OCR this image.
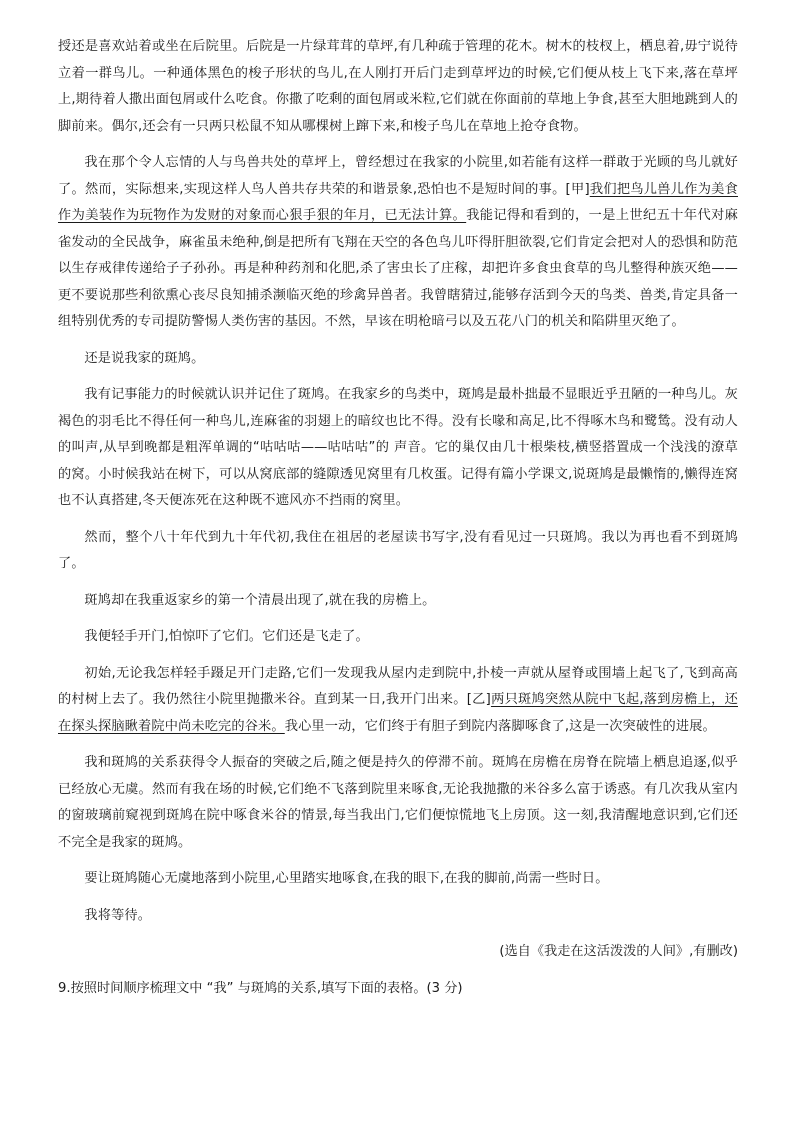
授还是喜欢站着或坐在后院里。后院是一片绿茸茸的草坪,有几种疏于管理的花木。树木的枝杈上，栖息着,毋宁说待立着一群鸟儿。一种通体黑色的梭子形状的鸟儿,在人刚打开后门走到草坪边的时候,它们便从枝上飞下来,落在草坪上,期待着人撒出面包屑或什么吃食。你撒了吃剩的面包屑或米粒,它们就在你面前的草地上争食,甚至大胆地跳到人的脚前来。偶尔,还会有一只两只松鼠不知从哪棵树上蹿下来,和梭子鸟儿在草地上抢夺食物。

我在那个令人忘情的人与鸟兽共处的草坪上，曾经想过在我家的小院里,如若能有这样一群敢于光顾的鸟儿就好了。然而，实际想来,实现这样人鸟人兽共存共荣的和谐景象,恐怕也不是短时间的事。[甲]我们把鸟儿兽儿作为美食作为美装作为玩物作为发财的对象而心狠手狠的年月，已无法计算。我能记得和看到的，一是上世纪五十年代对麻雀发动的全民战争，麻雀虽未绝种,倒是把所有飞翔在天空的各色鸟儿吓得肝胆欲裂,它们肯定会把对人的恐惧和防范以生存戒律传递给子子孙孙。再是种种药剂和化肥,杀了害虫长了庄稼，却把许多食虫食草的鸟儿整得种族灭绝——更不要说那些利欲熏心丧尽良知捕杀濒临灭绝的珍禽异兽者。我曾瞎猜过,能够存活到今天的鸟类、兽类,肯定具备一组特别优秀的专司提防警惕人类伤害的基因。不然，早该在明枪暗弓以及五花八门的机关和陷阱里灭绝了。

还是说我家的斑鸠。

我有记事能力的时候就认识并记住了斑鸠。在我家乡的鸟类中，斑鸠是最朴拙最不显眼近乎丑陋的一种鸟儿。灰褐色的羽毛比不得任何一种鸟儿,连麻雀的羽翅上的暗纹也比不得。没有长喙和高足,比不得啄木鸟和鹭鸶。没有动人的叫声,从早到晚都是粗浑单调的“咕咕咕——咕咕咕”的 声音。它的巢仅由几十根柴枝,横竖搭置成一个浅浅的潦草的窝。小时候我站在树下，可以从窝底部的缝隙透见窝里有几枚蛋。记得有篇小学课文,说斑鸠是最懒惰的,懒得连窝也不认真搭建,冬天便冻死在这种既不遮风亦不挡雨的窝里。

然而，整个八十年代到九十年代初,我住在祖居的老屋读书写字,没有看见过一只斑鸠。我以为再也看不到斑鸠了。

斑鸠却在我重返家乡的第一个清晨出现了,就在我的房檐上。

我便轻手开门,怕惊吓了它们。它们还是飞走了。

初始,无论我怎样轻手蹑足开门走路,它们一发现我从屋内走到院中,扑棱一声就从屋脊或围墙上起飞了,飞到高高的村树上去了。我仍然往小院里抛撒米谷。直到某一日,我开门出来。[乙]两只斑鸠突然从院中飞起,落到房檐上，还在探头探脑瞅着院中尚未吃完的谷米。我心里一动，它们终于有胆子到院内落脚啄食了,这是一次突破性的进展。

我和斑鸠的关系获得令人振奋的突破之后,随之便是持久的停滞不前。斑鸠在房檐在房脊在院墙上栖息追逐,似乎已经放心无虞。然而有我在场的时候,它们绝不飞落到院里来啄食,无论我抛撒的米谷多么富于诱惑。有几次我从室内的窗玻璃前窥视到斑鸠在院中啄食米谷的情景,每当我出门,它们便惊慌地飞上房顶。这一刻,我清醒地意识到,它们还不完全是我家的斑鸠。

要让斑鸠随心无虞地落到小院里,心里踏实地啄食,在我的眼下,在我的脚前,尚需一些时日。

我将等待。

(选自《我走在这活泼泼的人间》,有删改)

9.按照时间顺序梳理文中 “我” 与斑鸠的关系,填写下面的表格。(3 分)
